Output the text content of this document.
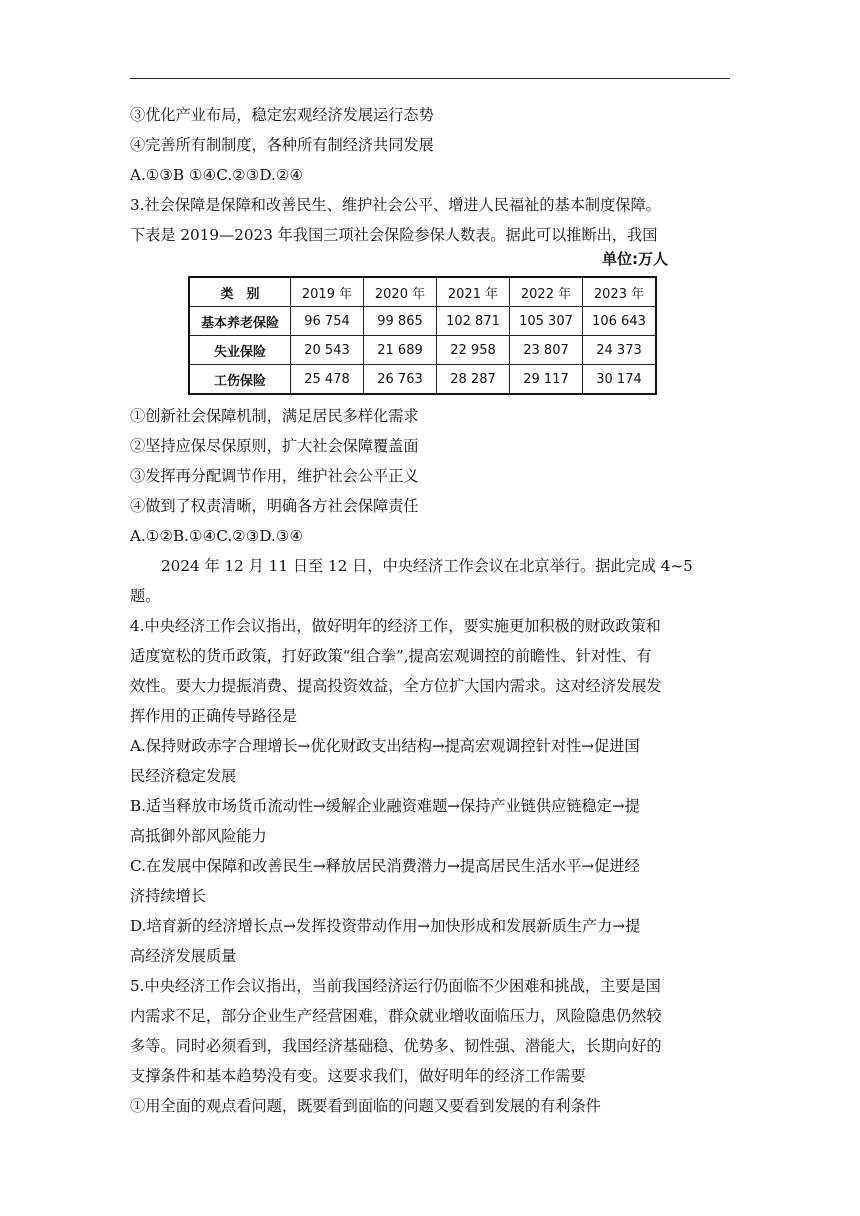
③优化产业布局，稳定宏观经济发展运行态势
④完善所有制制度，各种所有制经济共同发展
A.①③B ①④C.②③D.②④
3.社会保障是保障和改善民生、维护社会公平、增进人民福祉的基本制度保障。
下表是 2019—2023 年我国三项社会保险参保人数表。据此可以推断出，我国
单位:万人
类　别	2019 年	2020 年	2021 年	2022 年	2023 年
基本养老保险	96 754	99 865	102 871	105 307	106 643
失业保险	20 543	21 689	22 958	23 807	24 373
工伤保险	25 478	26 763	28 287	29 117	30 174
①创新社会保障机制，满足居民多样化需求
②坚持应保尽保原则，扩大社会保障覆盖面
③发挥再分配调节作用，维护社会公平正义
④做到了权责清晰，明确各方社会保障责任
A.①②B.①④C.②③D.③④
2024 年 12 月 11 日至 12 日，中央经济工作会议在北京举行。据此完成 4~5
题。
4.中央经济工作会议指出，做好明年的经济工作，要实施更加积极的财政政策和
适度宽松的货币政策，打好政策“组合拳”,提高宏观调控的前瞻性、针对性、有
效性。要大力提振消费、提高投资效益，全方位扩大国内需求。这对经济发展发
挥作用的正确传导路径是
A.保持财政赤字合理增长→优化财政支出结构→提高宏观调控针对性→促进国
民经济稳定发展
B.适当释放市场货币流动性→缓解企业融资难题→保持产业链供应链稳定→提
高抵御外部风险能力
C.在发展中保障和改善民生→释放居民消费潜力→提高居民生活水平→促进经
济持续增长
D.培育新的经济增长点→发挥投资带动作用→加快形成和发展新质生产力→提
高经济发展质量
5.中央经济工作会议指出，当前我国经济运行仍面临不少困难和挑战，主要是国
内需求不足，部分企业生产经营困难，群众就业增收面临压力，风险隐患仍然较
多等。同时必须看到，我国经济基础稳、优势多、韧性强、潜能大，长期向好的
支撑条件和基本趋势没有变。这要求我们，做好明年的经济工作需要
①用全面的观点看问题，既要看到面临的问题又要看到发展的有利条件
